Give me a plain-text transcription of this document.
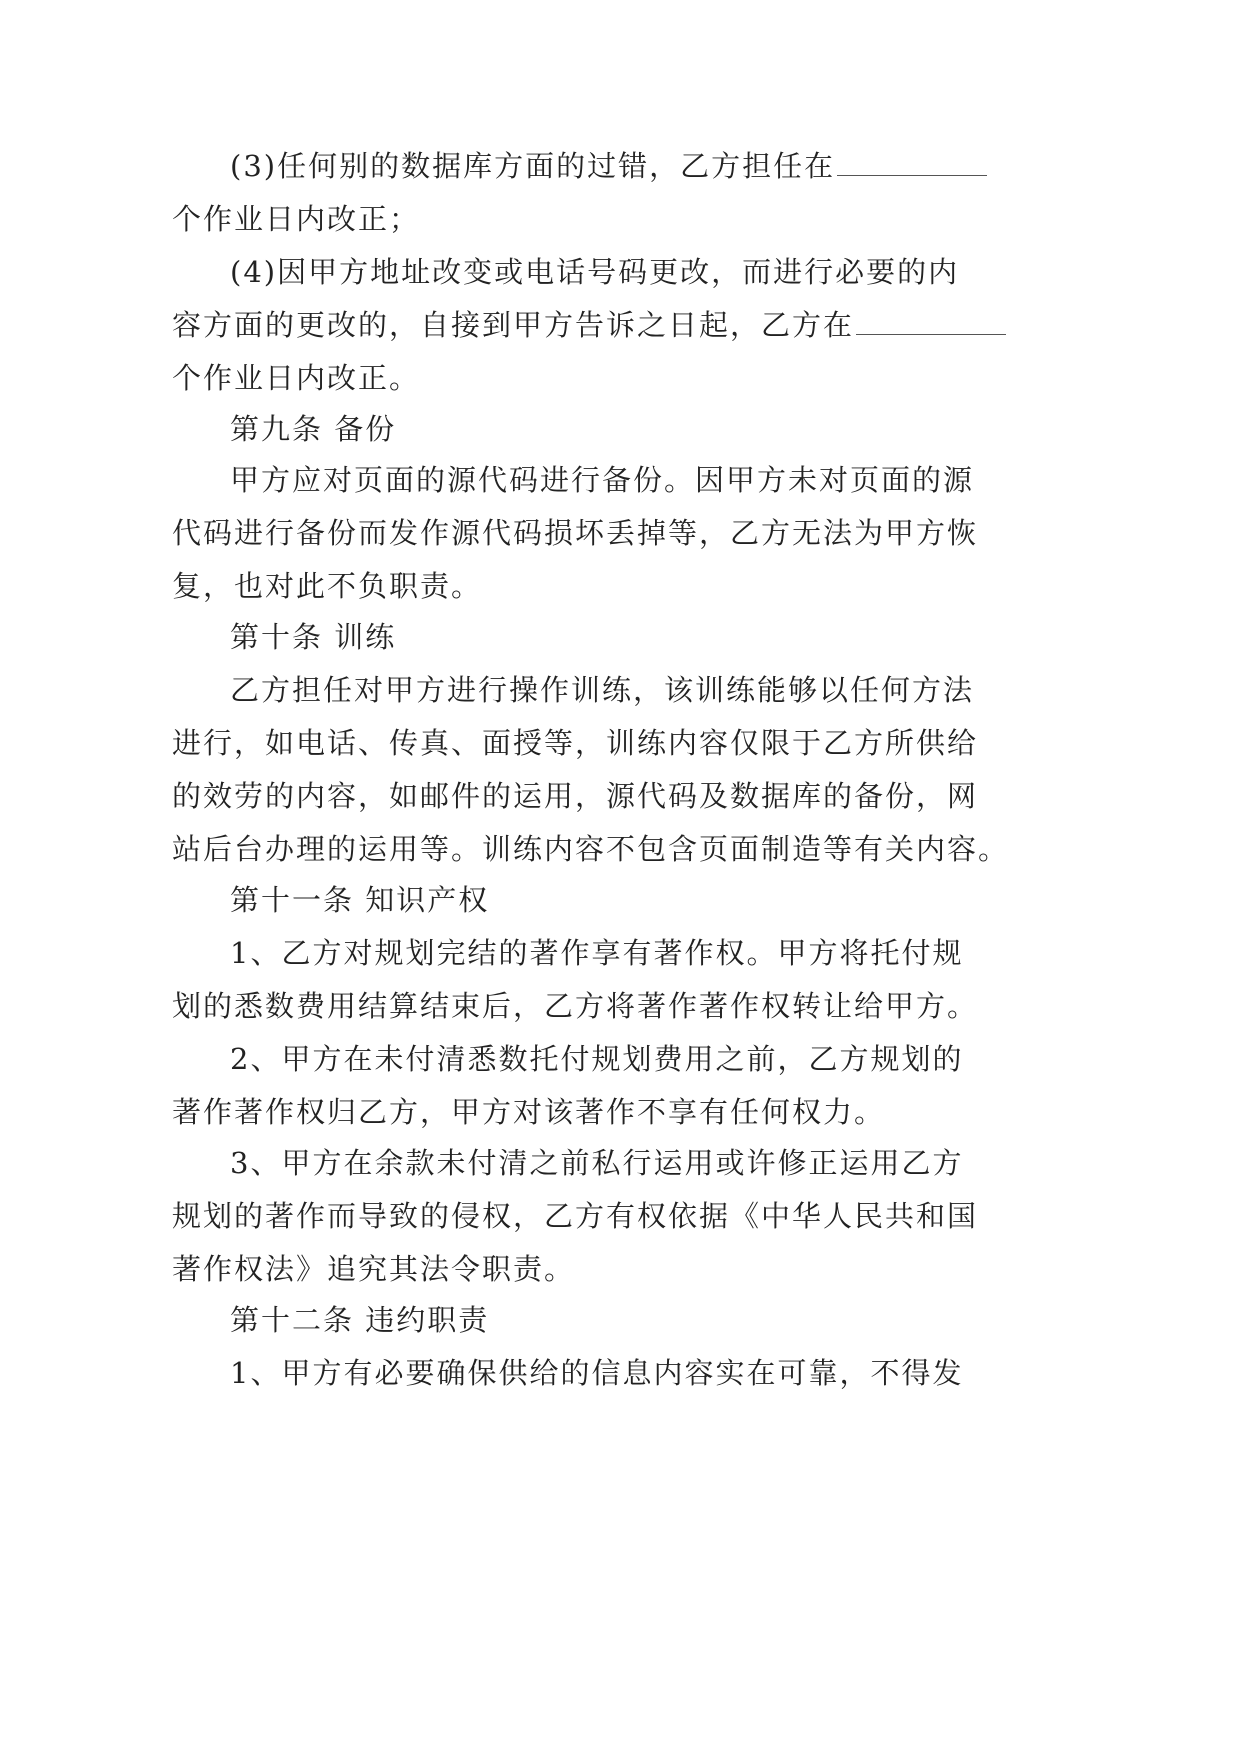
(3)任何别的数据库方面的过错，乙方担任在
个作业日内改正；
(4)因甲方地址改变或电话号码更改，而进行必要的内
容方面的更改的，自接到甲方告诉之日起，乙方在
个作业日内改正。
第九条 备份
甲方应对页面的源代码进行备份。因甲方未对页面的源
代码进行备份而发作源代码损坏丢掉等，乙方无法为甲方恢
复，也对此不负职责。
第十条 训练
乙方担任对甲方进行操作训练，该训练能够以任何方法
进行，如电话、传真、面授等，训练内容仅限于乙方所供给
的效劳的内容，如邮件的运用，源代码及数据库的备份，网
站后台办理的运用等。训练内容不包含页面制造等有关内容。
第十一条 知识产权
1、乙方对规划完结的著作享有著作权。甲方将托付规
划的悉数费用结算结束后，乙方将著作著作权转让给甲方。
2、甲方在未付清悉数托付规划费用之前，乙方规划的
著作著作权归乙方，甲方对该著作不享有任何权力。
3、甲方在余款未付清之前私行运用或许修正运用乙方
规划的著作而导致的侵权，乙方有权依据《中华人民共和国
著作权法》追究其法令职责。
第十二条 违约职责
1、甲方有必要确保供给的信息内容实在可靠，不得发
